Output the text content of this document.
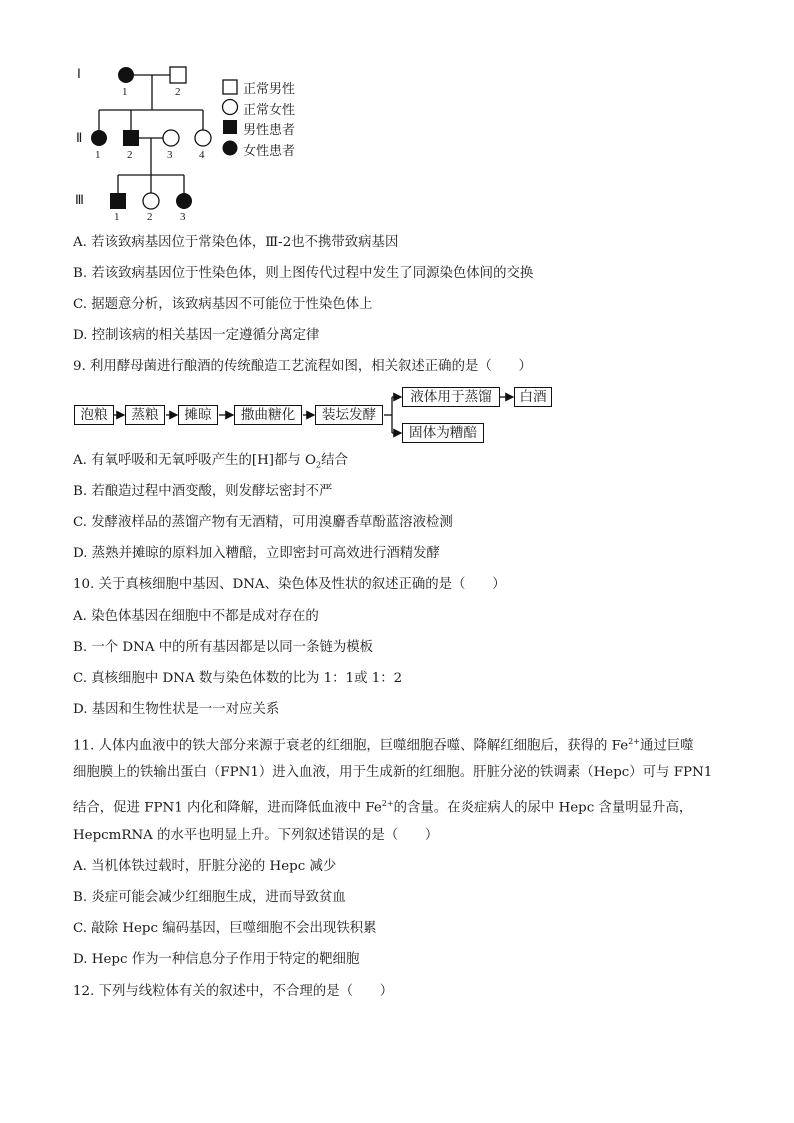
Ⅰ
Ⅱ
Ⅲ
1	2
1 2	3 4
1	2	3
正常男性
正常女性
男性患者
女性患者
A. 若该致病基因位于常染色体，Ⅲ-2也不携带致病基因
B. 若该致病基因位于性染色体，则上图传代过程中发生了同源染色体间的交换
C. 据题意分析，该致病基因不可能位于性染色体上
D. 控制该病的相关基因一定遵循分离定律
9. 利用酵母菌进行酿酒的传统酿造工艺流程如图，相关叙述正确的是（　　）
泡粮	蒸粮	摊晾	撒曲糖化	装坛发酵
液体用于蒸馏	白酒
固体为糟醅
A. 有氧呼吸和无氧呼吸产生的[H]都与 $O_2$结合
B. 若酿造过程中酒变酸，则发酵坛密封不严
C. 发酵液样品的蒸馏产物有无酒精，可用溴麝香草酚蓝溶液检测
D. 蒸熟并摊晾的原料加入糟醅，立即密封可高效进行酒精发酵
10. 关于真核细胞中基因、DNA、染色体及性状的叙述正确的是（　　）
A. 染色体基因在细胞中不都是成对存在的
B. 一个 DNA 中的所有基因都是以同一条链为模板
C. 真核细胞中 DNA 数与染色体数的比为 1：1或 1：2
D. 基因和生物性状是一一对应关系
11. 人体内血液中的铁大部分来源于衰老的红细胞，巨噬细胞吞噬、降解红细胞后，获得的 $Fe^{2+}$通过巨噬
细胞膜上的铁输出蛋白（FPN1）进入血液，用于生成新的红细胞。肝脏分泌的铁调素（Hepc）可与 FPN1
结合，促进 FPN1 内化和降解，进而降低血液中 $Fe^{2+}$的含量。在炎症病人的尿中 Hepc 含量明显升高，
HepcmRNA 的水平也明显上升。下列叙述错误的是（　　）
A. 当机体铁过载时，肝脏分泌的 Hepc 减少
B. 炎症可能会减少红细胞生成，进而导致贫血
C. 敲除 Hepc 编码基因，巨噬细胞不会出现铁积累
D. Hepc 作为一种信息分子作用于特定的靶细胞
12. 下列与线粒体有关的叙述中，不合理的是（　　）
